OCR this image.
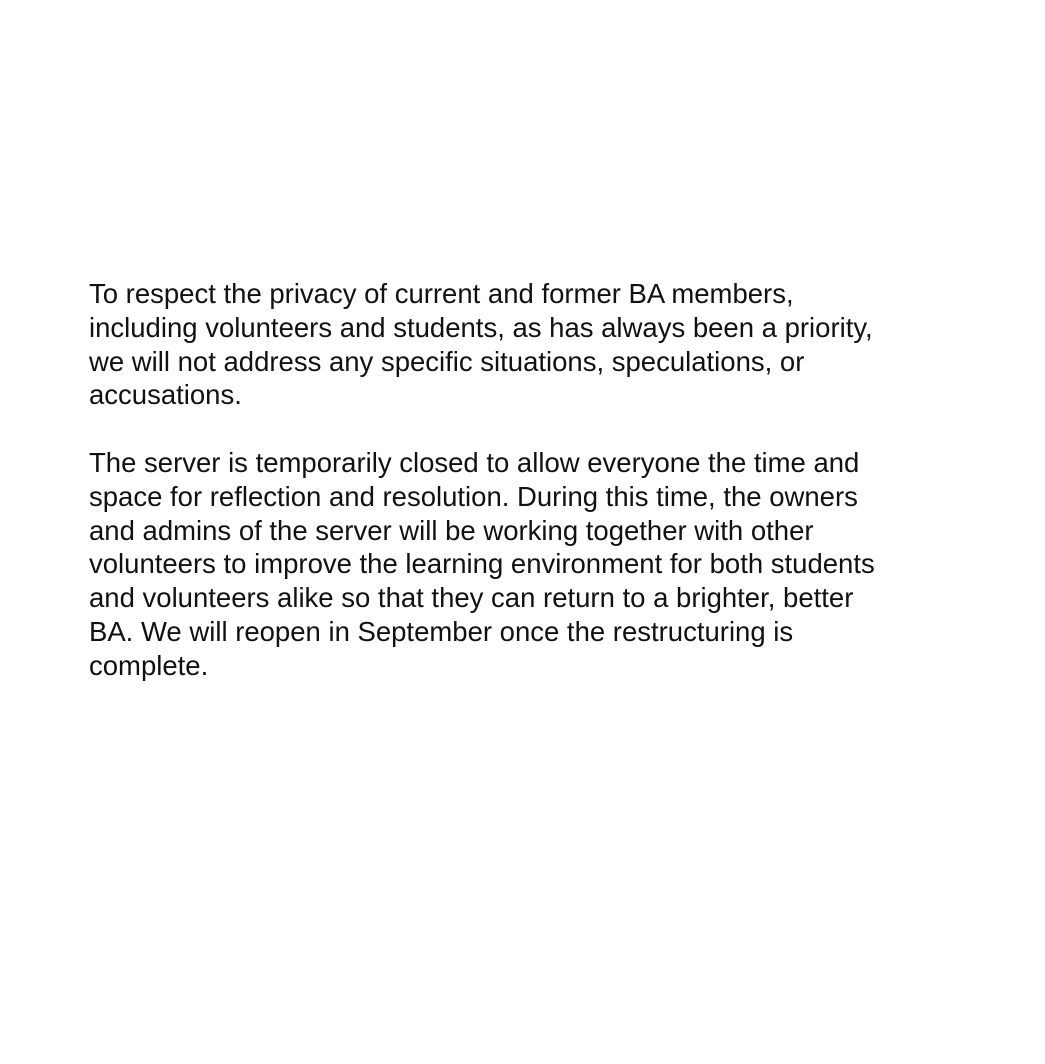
To respect the privacy of current and former BA members,
including volunteers and students, as has always been a priority,
we will not address any specific situations, speculations, or
accusations.

The server is temporarily closed to allow everyone the time and
space for reflection and resolution. During this time, the owners
and admins of the server will be working together with other
volunteers to improve the learning environment for both students
and volunteers alike so that they can return to a brighter, better
BA. We will reopen in September once the restructuring is
complete.
